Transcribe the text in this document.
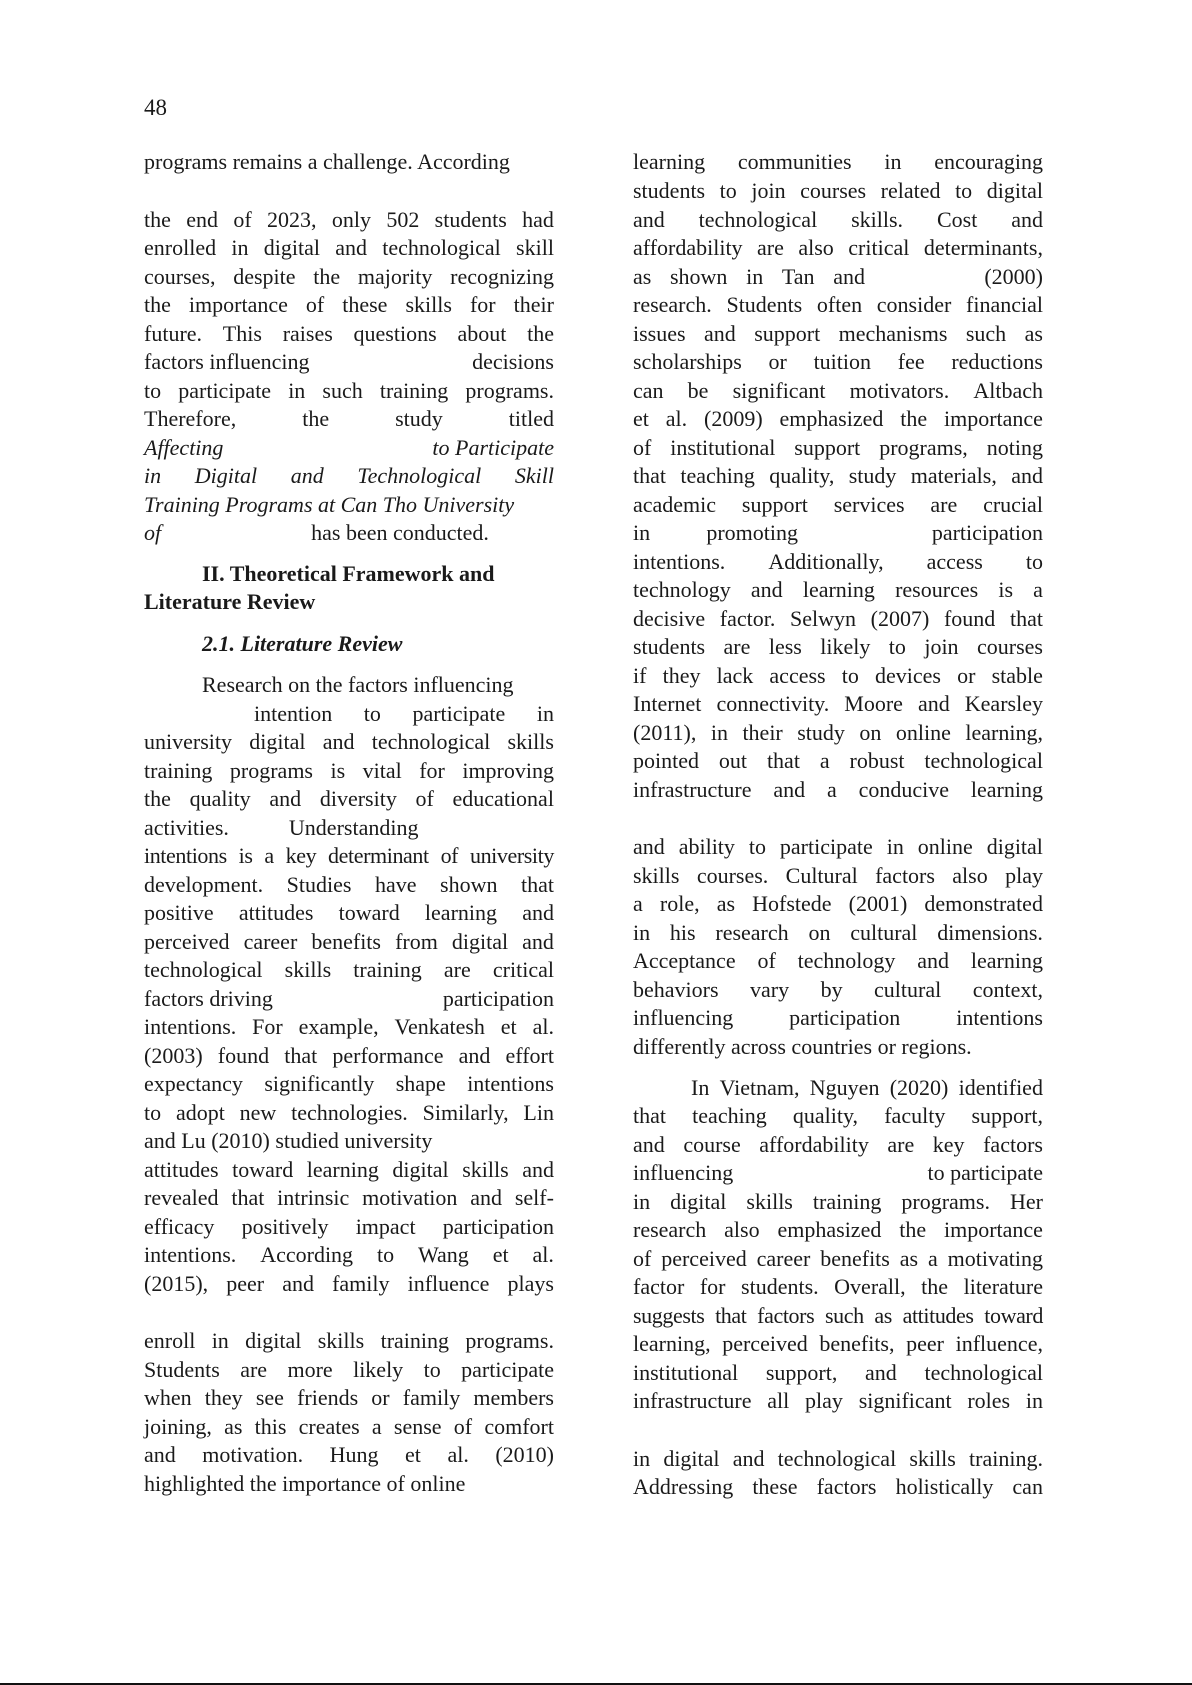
48
programs remains a challenge. According
the end of 2023, only 502 students had
enrolled in digital and technological skill
courses, despite the majority recognizing
the importance of these skills for their
future. This raises questions about the
factors influencing	decisions
to participate in such training programs.
Therefore,	the	study	titled
Affecting	to Participate
in Digital and Technological Skill
Training Programs at Can Tho University
of	has been conducted.
II. Theoretical Framework and
Literature Review
2.1. Literature Review
Research on the factors influencing
intention to participate in
university digital and technological skills
training programs is vital for improving
the quality and diversity of educational
activities.	Understanding
intentions is a key determinant of university
development. Studies have shown that
positive attitudes toward learning and
perceived career benefits from digital and
technological skills training are critical
factors driving	participation
intentions. For example, Venkatesh et al.
(2003) found that performance and effort
expectancy significantly shape intentions
to adopt new technologies. Similarly, Lin
and Lu (2010) studied university
attitudes toward learning digital skills and
revealed that intrinsic motivation and self-
efficacy positively impact participation
intentions. According to Wang et al.
(2015), peer and family influence plays
enroll in digital skills training programs.
Students are more likely to participate
when they see friends or family members
joining, as this creates a sense of comfort
and motivation. Hung et al. (2010)
highlighted the importance of online
learning communities in encouraging
students to join courses related to digital
and technological skills. Cost and
affordability are also critical determinants,
as shown in Tan and	(2000)
research. Students often consider financial
issues and support mechanisms such as
scholarships or tuition fee reductions
can be significant motivators. Altbach
et al. (2009) emphasized the importance
of institutional support programs, noting
that teaching quality, study materials, and
academic support services are crucial
in	promoting	participation
intentions. Additionally, access to
technology and learning resources is a
decisive factor. Selwyn (2007) found that
students are less likely to join courses
if they lack access to devices or stable
Internet connectivity. Moore and Kearsley
(2011), in their study on online learning,
pointed out that a robust technological
infrastructure and a conducive learning
and ability to participate in online digital
skills courses. Cultural factors also play
a role, as Hofstede (2001) demonstrated
in his research on cultural dimensions.
Acceptance of technology and learning
behaviors vary by cultural context,
influencing	participation	intentions
differently across countries or regions.
In Vietnam, Nguyen (2020) identified
that teaching quality, faculty support,
and course affordability are key factors
influencing	to participate
in digital skills training programs. Her
research also emphasized the importance
of perceived career benefits as a motivating
factor for students. Overall, the literature
suggests that factors such as attitudes toward
learning, perceived benefits, peer influence,
institutional support, and technological
infrastructure all play significant roles in
in digital and technological skills training.
Addressing these factors holistically can
